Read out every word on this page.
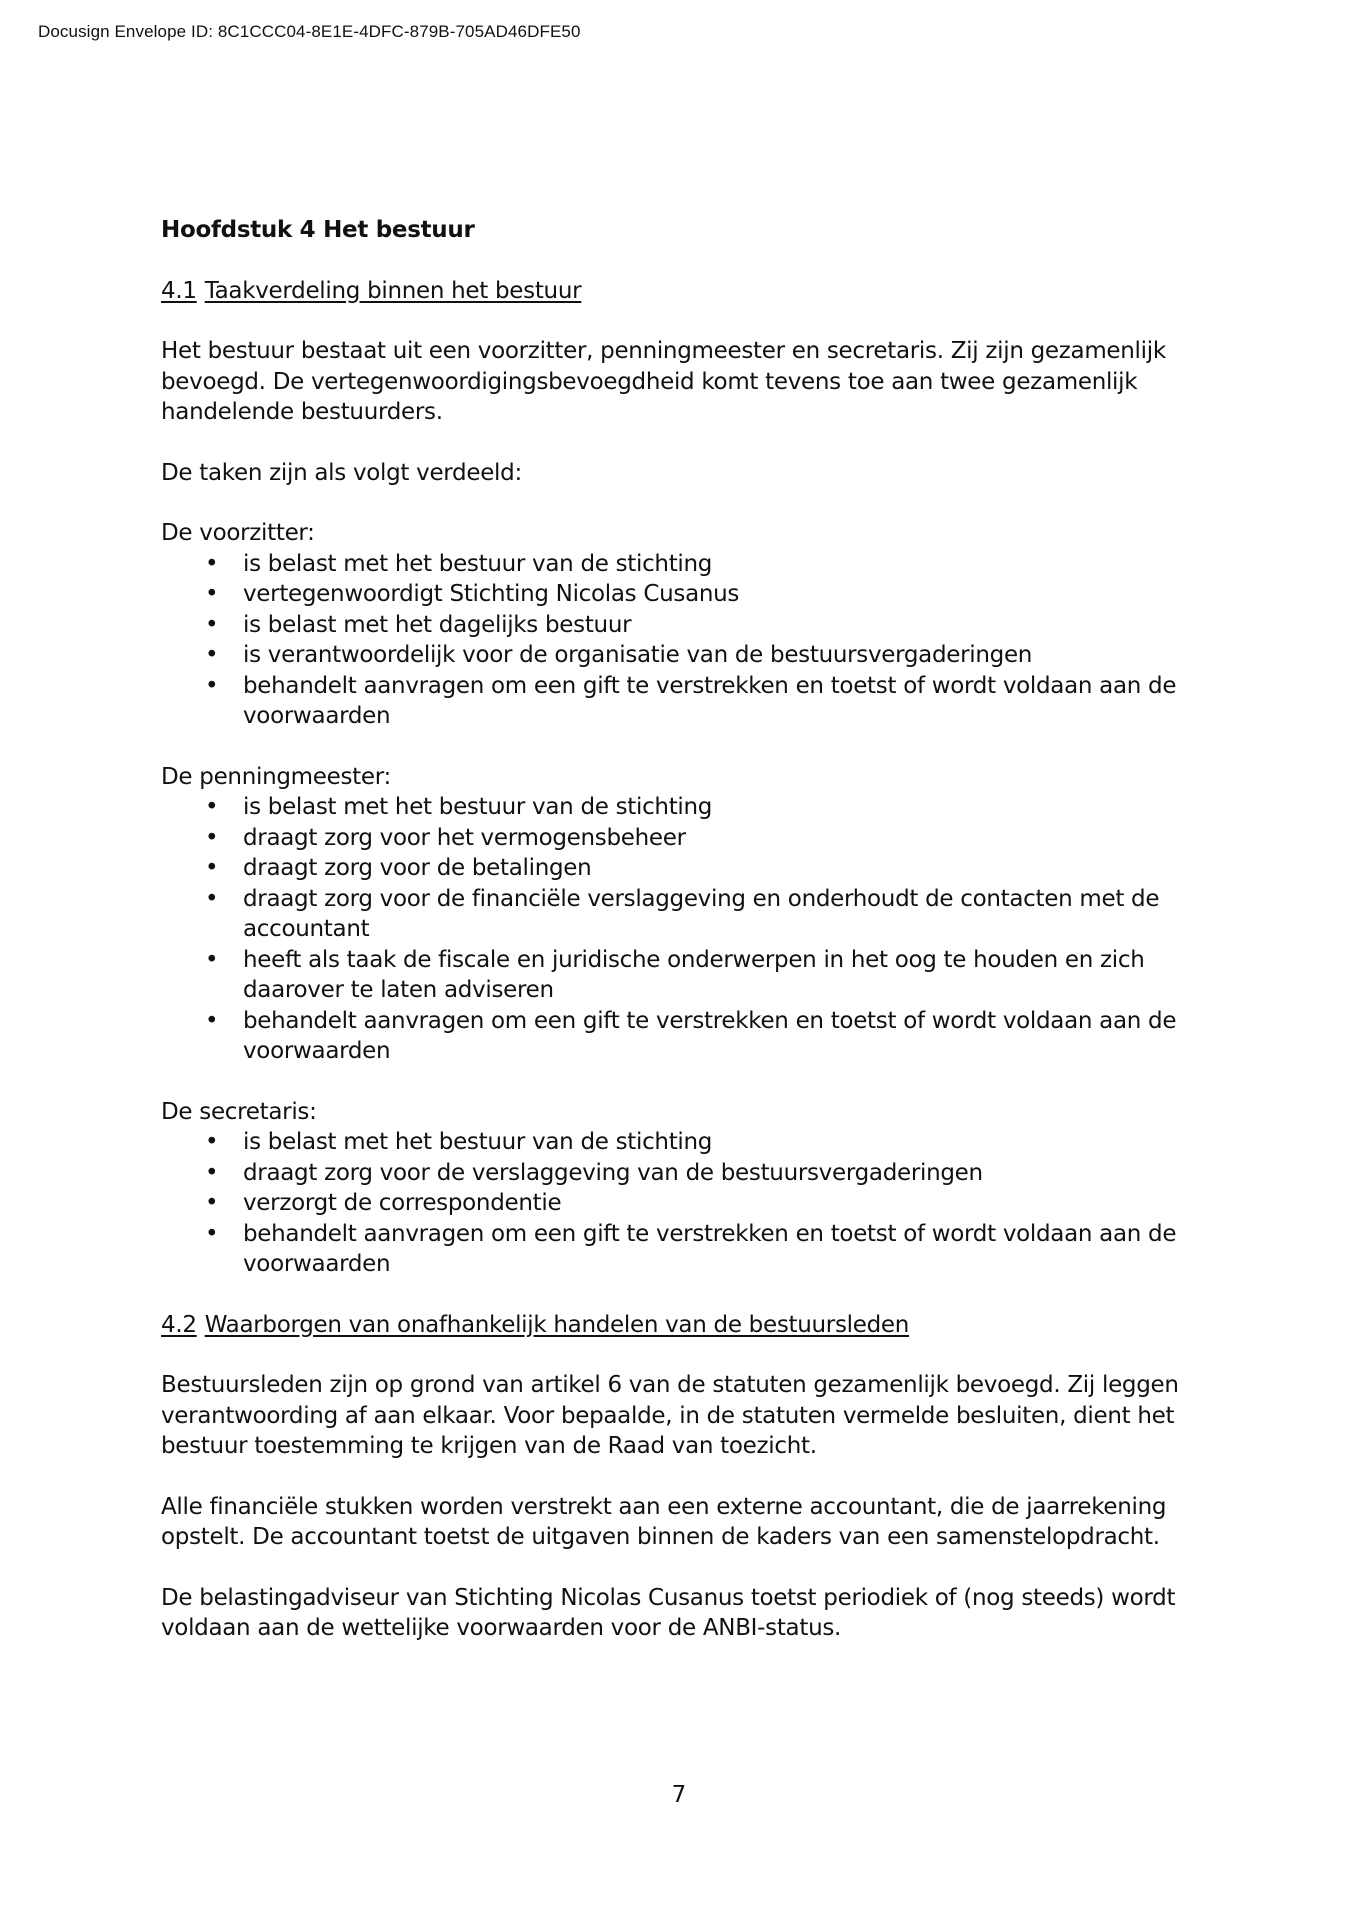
Docusign Envelope ID: 8C1CCC04-8E1E-4DFC-879B-705AD46DFE50
Hoofdstuk 4 Het bestuur
4.1 Taakverdeling binnen het bestuur

Het bestuur bestaat uit een voorzitter, penningmeester en secretaris. Zij zijn gezamenlijk bevoegd. De vertegenwoordigingsbevoegdheid komt tevens toe aan twee gezamenlijk handelende bestuurders.

De taken zijn als volgt verdeeld:

De voorzitter:
• is belast met het bestuur van de stichting
• vertegenwoordigt Stichting Nicolas Cusanus
• is belast met het dagelijks bestuur
• is verantwoordelijk voor de organisatie van de bestuursvergaderingen
• behandelt aanvragen om een gift te verstrekken en toetst of wordt voldaan aan de voorwaarden
De penningmeester:
• is belast met het bestuur van de stichting
• draagt zorg voor het vermogensbeheer
• draagt zorg voor de betalingen
• draagt zorg voor de financiële verslaggeving en onderhoudt de contacten met de accountant
• heeft als taak de fiscale en juridische onderwerpen in het oog te houden en zich daarover te laten adviseren
• behandelt aanvragen om een gift te verstrekken en toetst of wordt voldaan aan de voorwaarden
De secretaris:
• is belast met het bestuur van de stichting
• draagt zorg voor de verslaggeving van de bestuursvergaderingen
• verzorgt de correspondentie
• behandelt aanvragen om een gift te verstrekken en toetst of wordt voldaan aan de voorwaarden
4.2 Waarborgen van onafhankelijk handelen van de bestuursleden

Bestuursleden zijn op grond van artikel 6 van de statuten gezamenlijk bevoegd. Zij leggen verantwoording af aan elkaar. Voor bepaalde, in de statuten vermelde besluiten, dient het bestuur toestemming te krijgen van de Raad van toezicht.

Alle financiële stukken worden verstrekt aan een externe accountant, die de jaarrekening opstelt. De accountant toetst de uitgaven binnen de kaders van een samenstelopdracht.

De belastingadviseur van Stichting Nicolas Cusanus toetst periodiek of (nog steeds) wordt voldaan aan de wettelijke voorwaarden voor de ANBI-status.

7
